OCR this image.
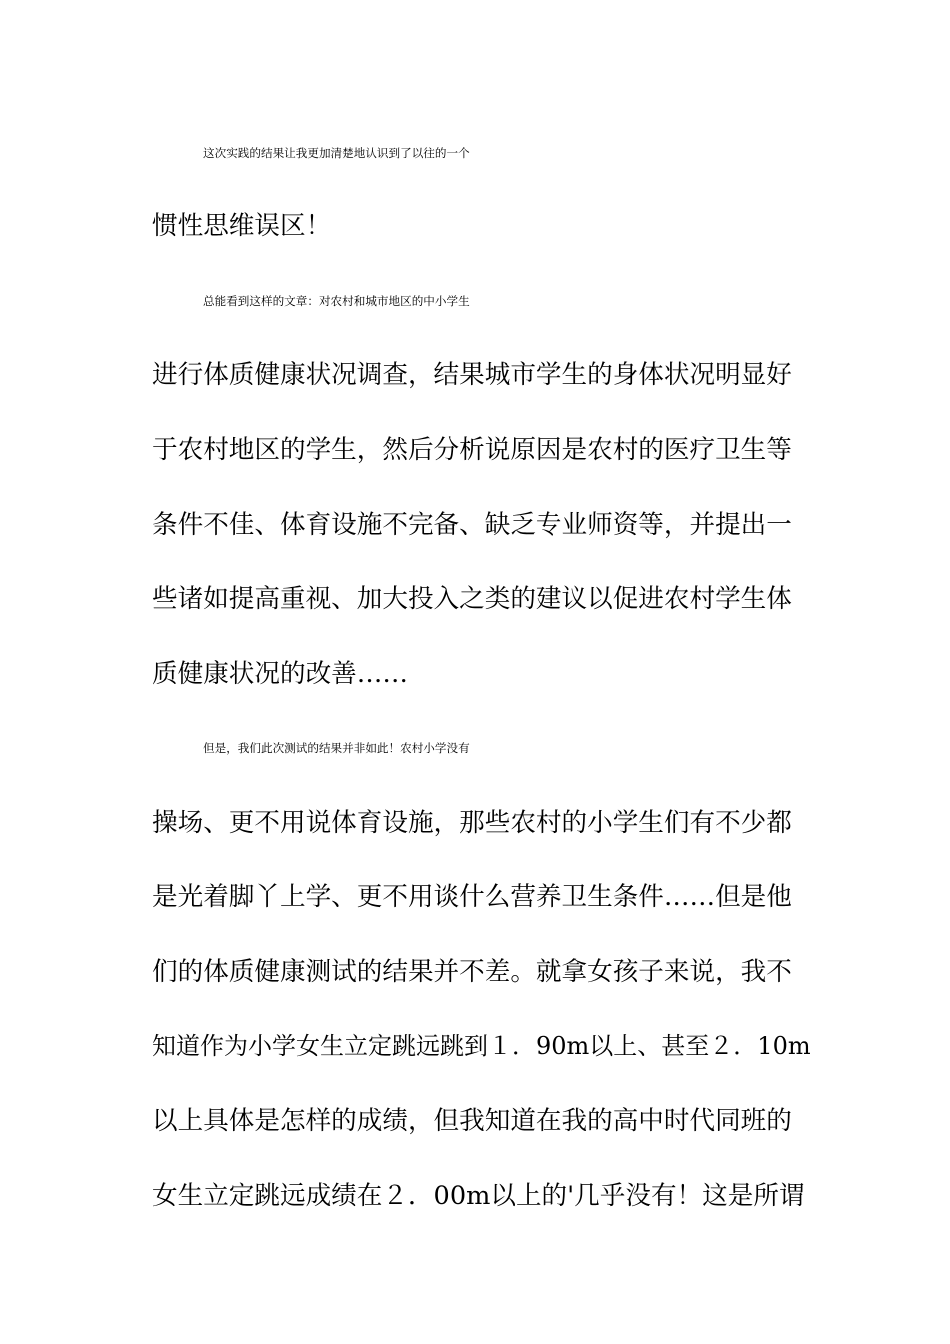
这次实践的结果让我更加清楚地认识到了以往的一个
惯性思维误区！
总能看到这样的文章：对农村和城市地区的中小学生
进行体质健康状况调查，结果城市学生的身体状况明显好
于农村地区的学生，然后分析说原因是农村的医疗卫生等
条件不佳、体育设施不完备、缺乏专业师资等，并提出一
些诸如提高重视、加大投入之类的建议以促进农村学生体
质健康状况的改善……
但是，我们此次测试的结果并非如此！农村小学没有
操场、更不用说体育设施，那些农村的小学生们有不少都
是光着脚丫上学、更不用谈什么营养卫生条件……但是他
们的体质健康测试的结果并不差。就拿女孩子来说，我不
知道作为小学女生立定跳远跳到１．90m以上、甚至２．10m
以上具体是怎样的成绩，但我知道在我的高中时代同班的
女生立定跳远成绩在２．00m以上的'几乎没有！这是所谓
